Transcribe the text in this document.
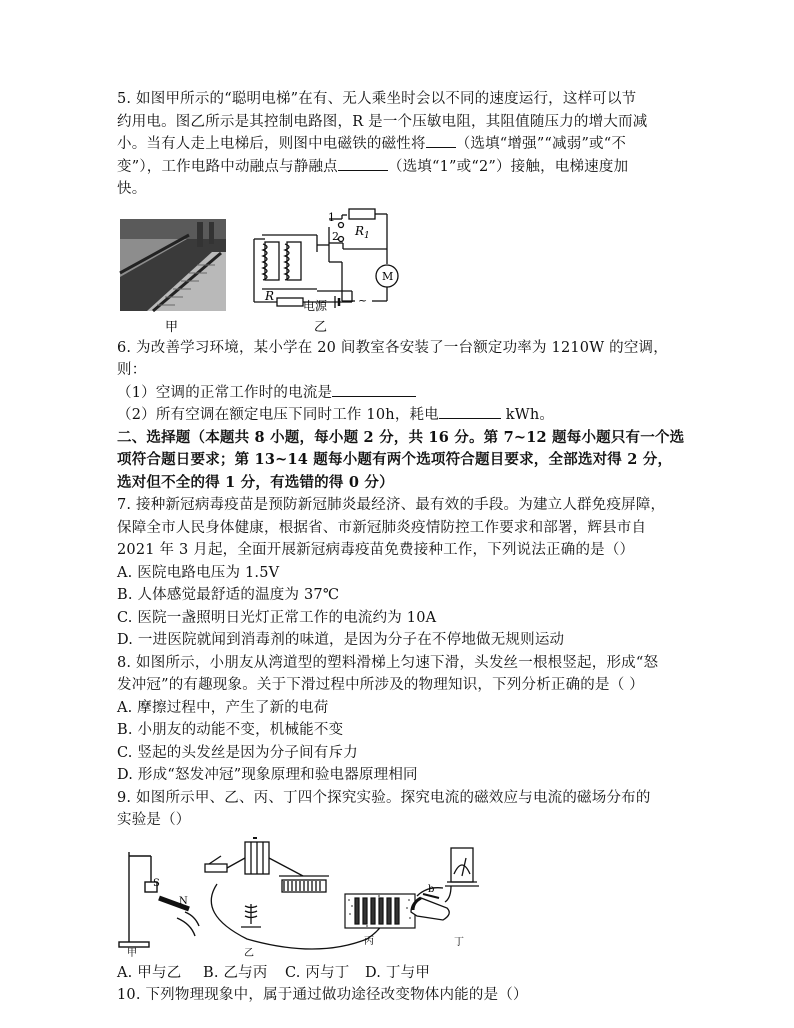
5. 如图甲所示的“聪明电梯”在有、无人乘坐时会以不同的速度运行，这样可以节

约用电。图乙所示是其控制电路图，R 是一个压敏电阻，其阻值随压力的增大而减

小。当有人走上电梯后，则图中电磁铁的磁性将 （选填“增强”“减弱”或“不

变”），工作电路中动融点与静融点	（选填“1”或“2”）接触，电梯速度加

快。

甲
1
2 $R_1$
R
电源
M
~
乙

6. 为改善学习环境，某小学在 20 间教室各安装了一台额定功率为 1210W 的空调，则：

（1）空调的正常工作时的电流是

（2）所有空调在额定电压下同时工作 10h，耗电	kWh。

二、选择题（本题共 8 小题，每小题 2 分，共 16 分。第 7~12 题每小题只有一个选

项符合题日要求；第 13~14 题每小题有两个选项符合题目要求，全部选对得 2 分，

选对但不全的得 1 分，有选错的得 0 分）

7. 接种新冠病毒疫苗是预防新冠肺炎最经济、最有效的手段。为建立人群免疫屏障，

保障全市人民身体健康，根据省、市新冠肺炎疫情防控工作要求和部署，辉县市自

2021 年 3 月起，全面开展新冠病毒疫苗免费接种工作，下列说法正确的是（）

A. 医院电路电压为 1.5V

B. 人体感觉最舒适的温度为 37℃

C. 医院一盏照明日光灯正常工作的电流约为 10A

D. 一进医院就闻到消毒剂的味道，是因为分子在不停地做无规则运动

8. 如图所示，小朋友从湾道型的塑料滑梯上匀速下滑，头发丝一根根竖起，形成“怒

发冲冠”的有趣现象。关于下滑过程中所涉及的物理知识，下列分析正确的是（ ）

A. 摩擦过程中，产生了新的电荷

B. 小朋友的动能不变，机械能不变

C. 竖起的头发丝是因为分子间有斥力

D. 形成“怒发冲冠”现象原理和验电器原理相同

9. 如图所示甲、乙、丙、丁四个探究实验。探究电流的磁效应与电流的磁场分布的

实验是（）

S
N
甲	乙
丙
b
丁
A. 甲与乙	B. 乙与丙	C. 丙与丁	D. 丁与甲

10. 下列物理现象中，属于通过做功途径改变物体内能的是（）
